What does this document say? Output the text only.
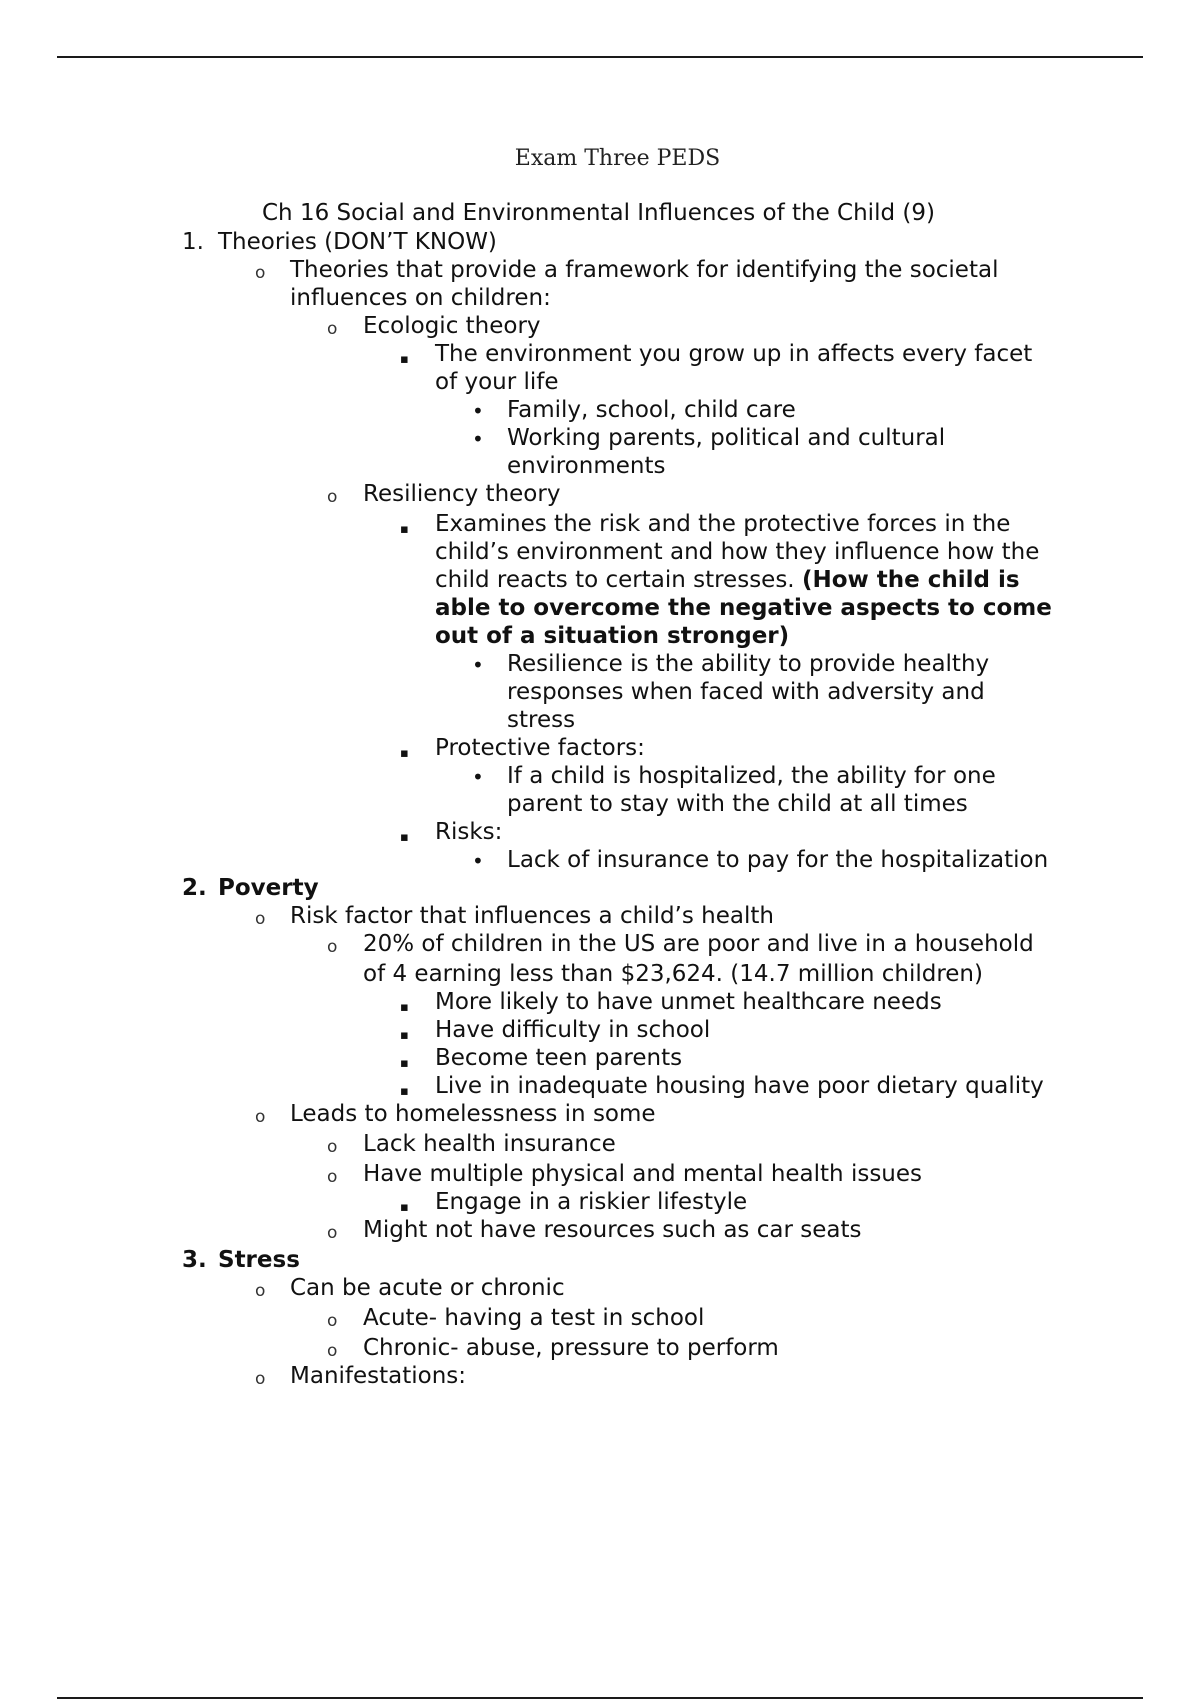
Exam Three PEDS
Ch 16 Social and Environmental Influences of the Child (9)
1. Theories (DON’T KNOW)
o Theories that provide a framework for identifying the societal
influences on children:
o Ecologic theory
▪ The environment you grow up in affects every facet
of your life
• Family, school, child care
• Working parents, political and cultural
environments
o Resiliency theory
▪ Examines the risk and the protective forces in the
child’s environment and how they influence how the
child reacts to certain stresses. (How the child is
able to overcome the negative aspects to come
out of a situation stronger)
• Resilience is the ability to provide healthy
responses when faced with adversity and
stress
▪ Protective factors:
• If a child is hospitalized, the ability for one
parent to stay with the child at all times
▪ Risks:
• Lack of insurance to pay for the hospitalization
2. Poverty
o Risk factor that influences a child’s health
o 20% of children in the US are poor and live in a household
of 4 earning less than $23,624. (14.7 million children)
▪ More likely to have unmet healthcare needs
▪ Have difficulty in school
▪ Become teen parents
▪ Live in inadequate housing have poor dietary quality
o Leads to homelessness in some
o Lack health insurance
o Have multiple physical and mental health issues
▪ Engage in a riskier lifestyle
o Might not have resources such as car seats
3. Stress
o Can be acute or chronic
o Acute- having a test in school
o Chronic- abuse, pressure to perform
o Manifestations:
